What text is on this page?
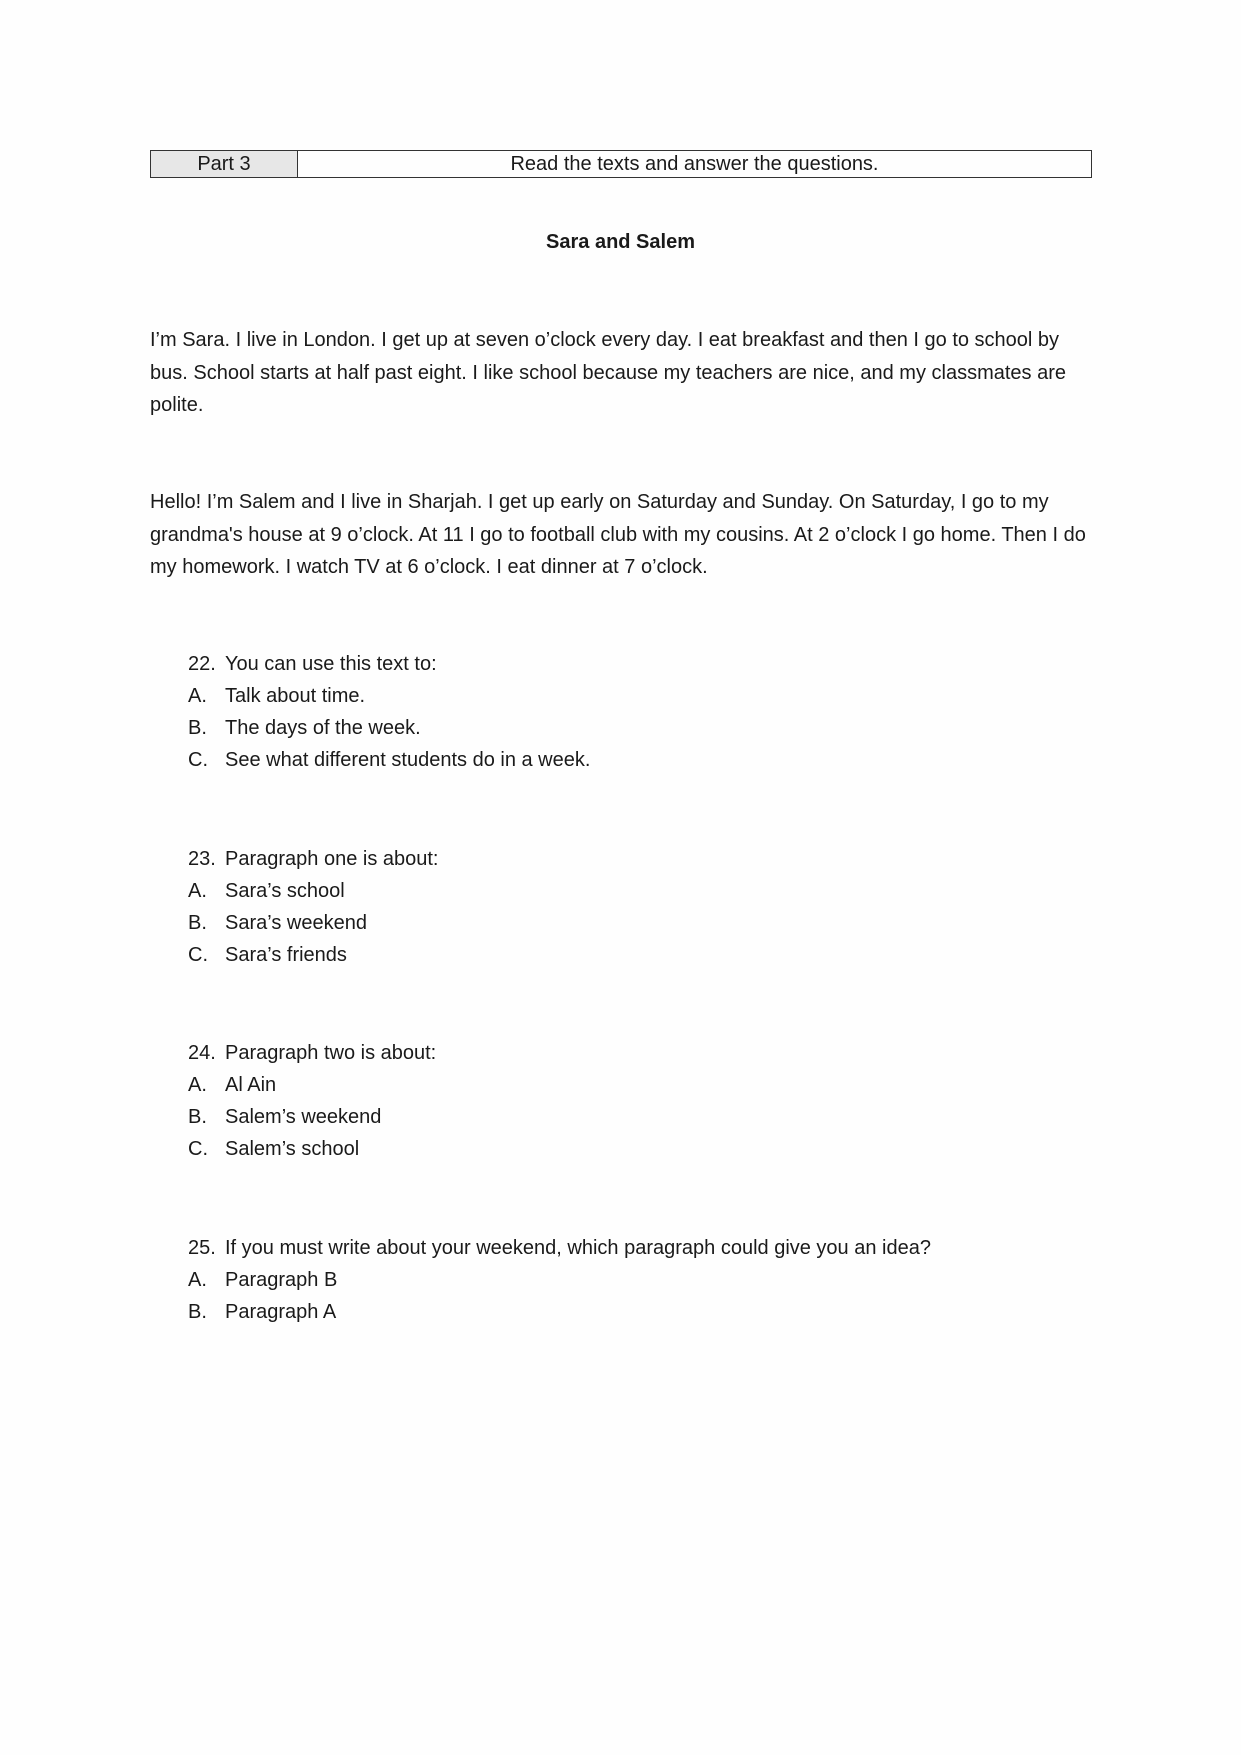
Part 3	Read the texts and answer the questions.
Sara and Salem

I’m Sara. I live in London. I get up at seven o’clock every day. I eat breakfast and then I go to school by bus. School starts at half past eight. I like school because my teachers are nice, and my classmates are polite.

Hello! I’m Salem and I live in Sharjah. I get up early on Saturday and Sunday. On Saturday, I go to my grandma's house at 9 o’clock. At 11 I go to football club with my cousins. At 2 o’clock I go home. Then I do my homework. I watch TV at 6 o’clock. I eat dinner at 7 o’clock.

22. You can use this text to:
A. Talk about time.
B. The days of the week.
C. See what different students do in a week.
23. Paragraph one is about:
A. Sara’s school
B. Sara’s weekend
C. Sara’s friends
24. Paragraph two is about:
A. Al Ain
B. Salem’s weekend
C. Salem’s school
25. If you must write about your weekend, which paragraph could give you an idea?
A. Paragraph B
B. Paragraph A
